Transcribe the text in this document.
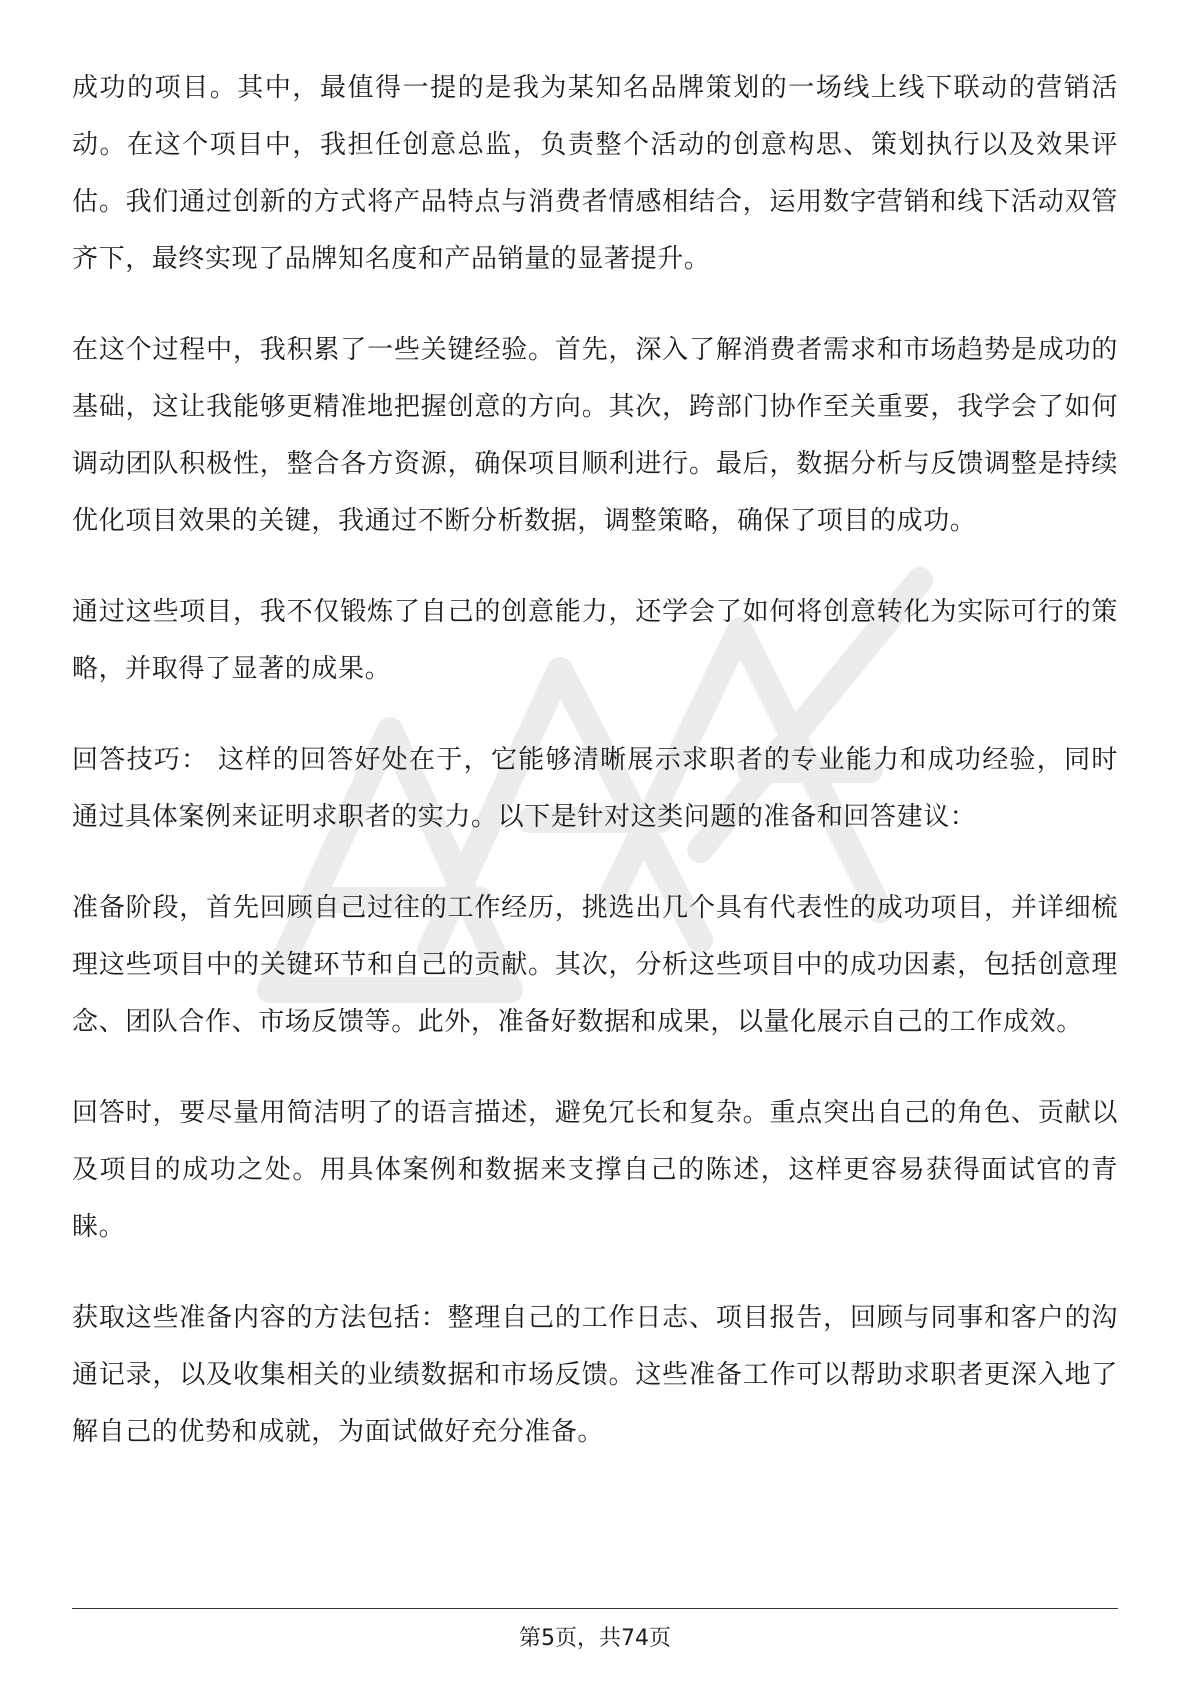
成功的项目。其中，最值得一提的是我为某知名品牌策划的一场线上线下联动的营销活动。在这个项目中，我担任创意总监，负责整个活动的创意构思、策划执行以及效果评估。我们通过创新的方式将产品特点与消费者情感相结合，运用数字营销和线下活动双管齐下，最终实现了品牌知名度和产品销量的显著提升。

在这个过程中，我积累了一些关键经验。首先，深入了解消费者需求和市场趋势是成功的基础，这让我能够更精准地把握创意的方向。其次，跨部门协作至关重要，我学会了如何调动团队积极性，整合各方资源，确保项目顺利进行。最后，数据分析与反馈调整是持续优化项目效果的关键，我通过不断分析数据，调整策略，确保了项目的成功。

通过这些项目，我不仅锻炼了自己的创意能力，还学会了如何将创意转化为实际可行的策略，并取得了显著的成果。

回答技巧： 这样的回答好处在于，它能够清晰展示求职者的专业能力和成功经验，同时通过具体案例来证明求职者的实力。以下是针对这类问题的准备和回答建议：

准备阶段，首先回顾自己过往的工作经历，挑选出几个具有代表性的成功项目，并详细梳理这些项目中的关键环节和自己的贡献。其次，分析这些项目中的成功因素，包括创意理念、团队合作、市场反馈等。此外，准备好数据和成果，以量化展示自己的工作成效。

回答时，要尽量用简洁明了的语言描述，避免冗长和复杂。重点突出自己的角色、贡献以及项目的成功之处。用具体案例和数据来支撑自己的陈述，这样更容易获得面试官的青睐。

获取这些准备内容的方法包括：整理自己的工作日志、项目报告，回顾与同事和客户的沟通记录，以及收集相关的业绩数据和市场反馈。这些准备工作可以帮助求职者更深入地了解自己的优势和成就，为面试做好充分准备。

第5页，共74页
